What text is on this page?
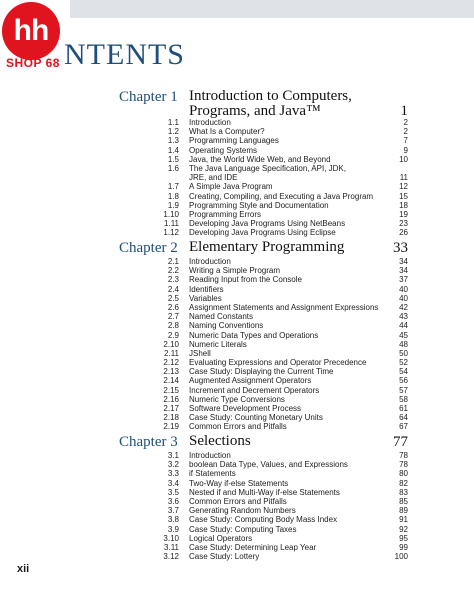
hh
SHOP 68 NTENTS
Chapter 1 Introduction to Computers,
Programs, and Java™	1
1.1 Introduction	2
1.2 What Is a Computer?	2
1.3 Programming Languages	7
1.4 Operating Systems	9
1.5 Java, the World Wide Web, and Beyond	10
1.6 The Java Language Specification, API, JDK,
JRE, and IDE	11
1.7 A Simple Java Program	12
1.8 Creating, Compiling, and Executing a Java Program	15
1.9 Programming Style and Documentation	18
1.10 Programming Errors	19
1.11 Developing Java Programs Using NetBeans	23
1.12 Developing Java Programs Using Eclipse	26
Chapter 2 Elementary Programming	33
2.1 Introduction	34
2.2 Writing a Simple Program	34
2.3 Reading Input from the Console	37
2.4 Identifiers	40
2.5 Variables	40
2.6 Assignment Statements and Assignment Expressions	42
2.7 Named Constants	43
2.8 Naming Conventions	44
2.9 Numeric Data Types and Operations	45
2.10 Numeric Literals	48
2.11 JShell	50
2.12 Evaluating Expressions and Operator Precedence	52
2.13 Case Study: Displaying the Current Time	54
2.14 Augmented Assignment Operators	56
2.15 Increment and Decrement Operators	57
2.16 Numeric Type Conversions	58
2.17 Software Development Process	61
2.18 Case Study: Counting Monetary Units	64
2.19 Common Errors and Pitfalls	67
Chapter 3 Selections	77
3.1 Introduction	78
3.2 boolean Data Type, Values, and Expressions	78
3.3 if Statements	80
3.4 Two-Way if-else Statements	82
3.5 Nested if and Multi-Way if-else Statements	83
3.6 Common Errors and Pitfalls	85
3.7 Generating Random Numbers	89
3.8 Case Study: Computing Body Mass Index	91
3.9 Case Study: Computing Taxes	92
3.10 Logical Operators	95
3.11 Case Study: Determining Leap Year	99
3.12 Case Study: Lottery	100
xii
